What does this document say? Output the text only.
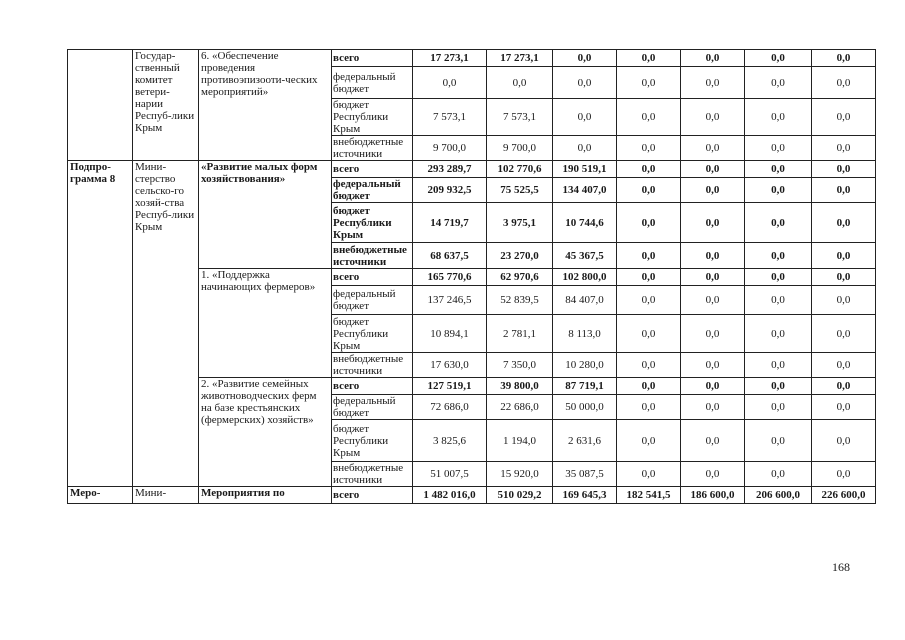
	Государ-ственный комитет ветери-нарии Респуб-лики Крым	6. «Обеспечение проведения противоэпизооти-ческих мероприятий»	всего	17 273,1	17 273,1	0,0	0,0	0,0	0,0	0,0
			федеральный бюджет	0,0	0,0	0,0	0,0	0,0	0,0	0,0
			бюджет Республики Крым	7 573,1	7 573,1	0,0	0,0	0,0	0,0	0,0
			внебюджетные источники	9 700,0	9 700,0	0,0	0,0	0,0	0,0	0,0
Подпро-грамма 8	Мини-стерство сельско-го хозяй-ства Респуб-лики Крым	«Развитие малых форм хозяйствования»	всего	293 289,7	102 770,6	190 519,1	0,0	0,0	0,0	0,0
			федеральный бюджет	209 932,5	75 525,5	134 407,0	0,0	0,0	0,0	0,0
			бюджет Республики Крым	14 719,7	3 975,1	10 744,6	0,0	0,0	0,0	0,0
			внебюджетные источники	68 637,5	23 270,0	45 367,5	0,0	0,0	0,0	0,0
		1. «Поддержка начинающих фермеров»	всего	165 770,6	62 970,6	102 800,0	0,0	0,0	0,0	0,0
			федеральный бюджет	137 246,5	52 839,5	84 407,0	0,0	0,0	0,0	0,0
			бюджет Республики Крым	10 894,1	2 781,1	8 113,0	0,0	0,0	0,0	0,0
			внебюджетные источники	17 630,0	7 350,0	10 280,0	0,0	0,0	0,0	0,0
		2. «Развитие семейных животноводческих ферм на базе крестьянских (фермерских) хозяйств»	всего	127 519,1	39 800,0	87 719,1	0,0	0,0	0,0	0,0
			федеральный бюджет	72 686,0	22 686,0	50 000,0	0,0	0,0	0,0	0,0
			бюджет Республики Крым	3 825,6	1 194,0	2 631,6	0,0	0,0	0,0	0,0
			внебюджетные источники	51 007,5	15 920,0	35 087,5	0,0	0,0	0,0	0,0
Меро-	Мини-	Мероприятия по	всего	1 482 016,0	510 029,2	169 645,3	182 541,5	186 600,0	206 600,0	226 600,0
168
